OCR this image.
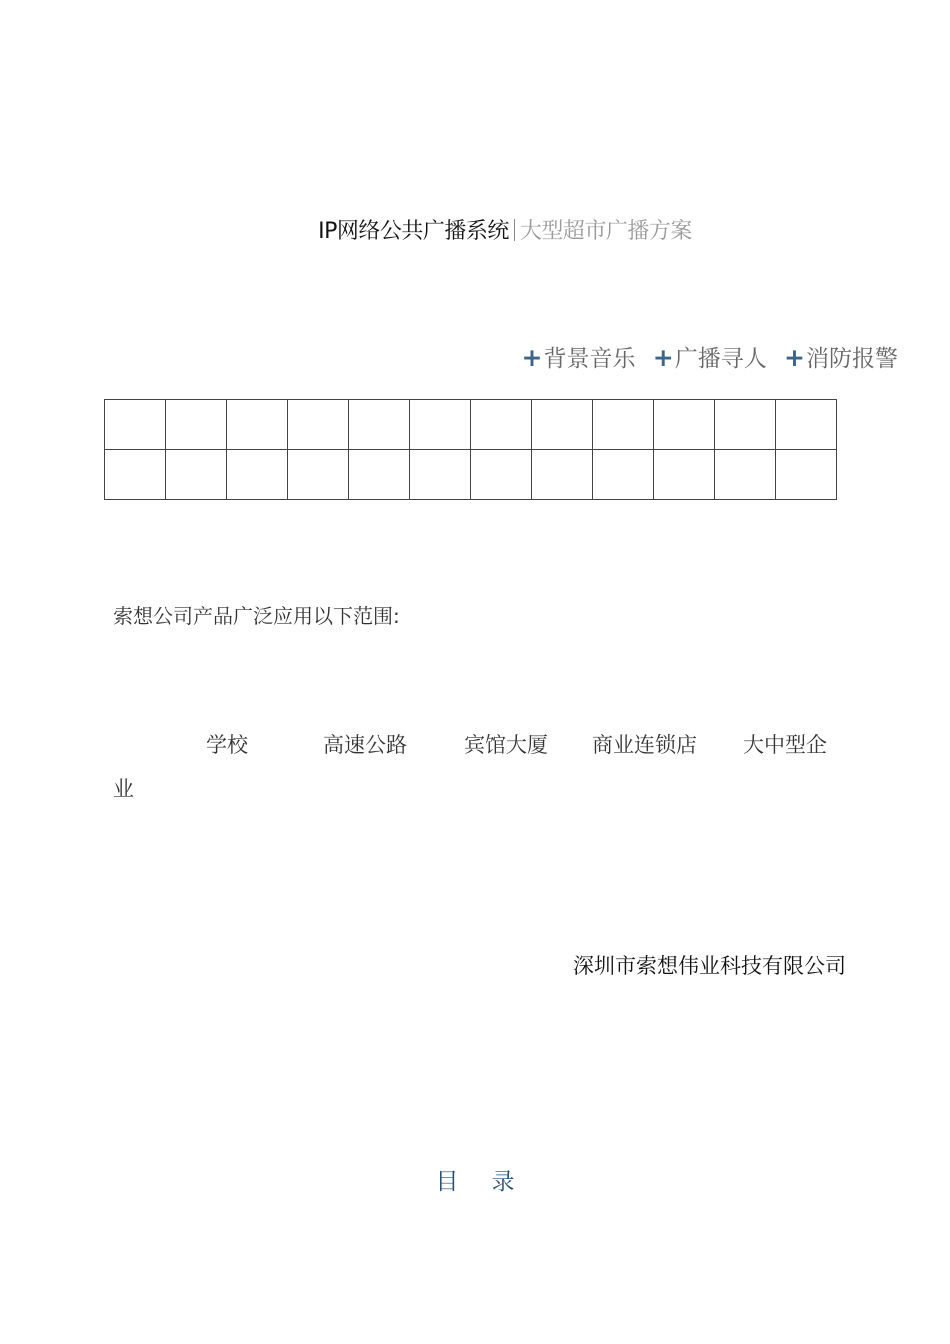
IP网络公共广播系统 大型超市广播方案
+背景音乐 +广播寻人 +消防报警

索想公司产品广泛应用以下范围:
学校	高速公路	宾馆大厦 商业连锁店 大中型企
业
深圳市索想伟业科技有限公司
目录
